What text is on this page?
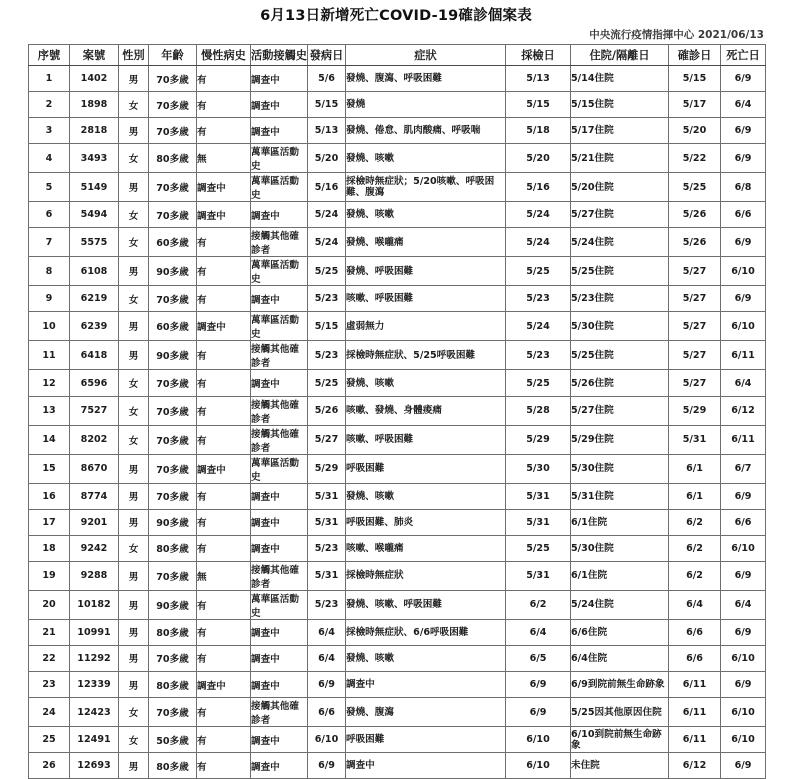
6月13日新增死亡COVID-19確診個案表
中央流行疫情指揮中心 2021/06/13
序號	案號	性別	年齡	慢性病史	活動接觸史	發病日	症狀	採檢日	住院/隔離日	確診日	死亡日
1	1402	男	70多歲	有	調查中	5/6	發燒、腹瀉、呼吸困難	5/13	5/14住院	5/15	6/9
2	1898	女	70多歲	有	調查中	5/15	發燒	5/15	5/15住院	5/17	6/4
3	2818	男	70多歲	有	調查中	5/13	發燒、倦怠、肌肉酸痛、呼吸喘	5/18	5/17住院	5/20	6/9
4	3493	女	80多歲	無	萬華區活動史	5/20	發燒、咳嗽	5/20	5/21住院	5/22	6/9
5	5149	男	70多歲	調查中	萬華區活動史	5/16	採檢時無症狀；5/20咳嗽、呼吸困難、腹瀉	5/16	5/20住院	5/25	6/8
6	5494	女	70多歲	調查中	調查中	5/24	發燒、咳嗽	5/24	5/27住院	5/26	6/6
7	5575	女	60多歲	有	接觸其他確診者	5/24	發燒、喉嚨痛	5/24	5/24住院	5/26	6/9
8	6108	男	90多歲	有	萬華區活動史	5/25	發燒、呼吸困難	5/25	5/25住院	5/27	6/10
9	6219	女	70多歲	有	調查中	5/23	咳嗽、呼吸困難	5/23	5/23住院	5/27	6/9
10	6239	男	60多歲	調查中	萬華區活動史	5/15	虛弱無力	5/24	5/30住院	5/27	6/10
11	6418	男	90多歲	有	接觸其他確診者	5/23	採檢時無症狀、5/25呼吸困難	5/23	5/25住院	5/27	6/11
12	6596	女	70多歲	有	調查中	5/25	發燒、咳嗽	5/25	5/26住院	5/27	6/4
13	7527	女	70多歲	有	接觸其他確診者	5/26	咳嗽、發燒、身體痠痛	5/28	5/27住院	5/29	6/12
14	8202	女	70多歲	有	接觸其他確診者	5/27	咳嗽、呼吸困難	5/29	5/29住院	5/31	6/11
15	8670	男	70多歲	調查中	萬華區活動史	5/29	呼吸困難	5/30	5/30住院	6/1	6/7
16	8774	男	70多歲	有	調查中	5/31	發燒、咳嗽	5/31	5/31住院	6/1	6/9
17	9201	男	90多歲	有	調查中	5/31	呼吸困難、肺炎	5/31	6/1住院	6/2	6/6
18	9242	女	80多歲	有	調查中	5/23	咳嗽、喉嚨痛	5/25	5/30住院	6/2	6/10
19	9288	男	70多歲	無	接觸其他確診者	5/31	採檢時無症狀	5/31	6/1住院	6/2	6/9
20	10182	男	90多歲	有	萬華區活動史	5/23	發燒、咳嗽、呼吸困難	6/2	5/24住院	6/4	6/4
21	10991	男	80多歲	有	調查中	6/4	採檢時無症狀、6/6呼吸困難	6/4	6/6住院	6/6	6/9
22	11292	男	70多歲	有	調查中	6/4	發燒、咳嗽	6/5	6/4住院	6/6	6/10
23	12339	男	80多歲	調查中	調查中	6/9	調查中	6/9	6/9到院前無生命跡象	6/11	6/9
24	12423	女	70多歲	有	接觸其他確診者	6/6	發燒、腹瀉	6/9	5/25因其他原因住院	6/11	6/10
25	12491	女	50多歲	有	調查中	6/10	呼吸困難	6/10	6/10到院前無生命跡象	6/11	6/10
26	12693	男	80多歲	有	調查中	6/9	調查中	6/10	未住院	6/12	6/9
